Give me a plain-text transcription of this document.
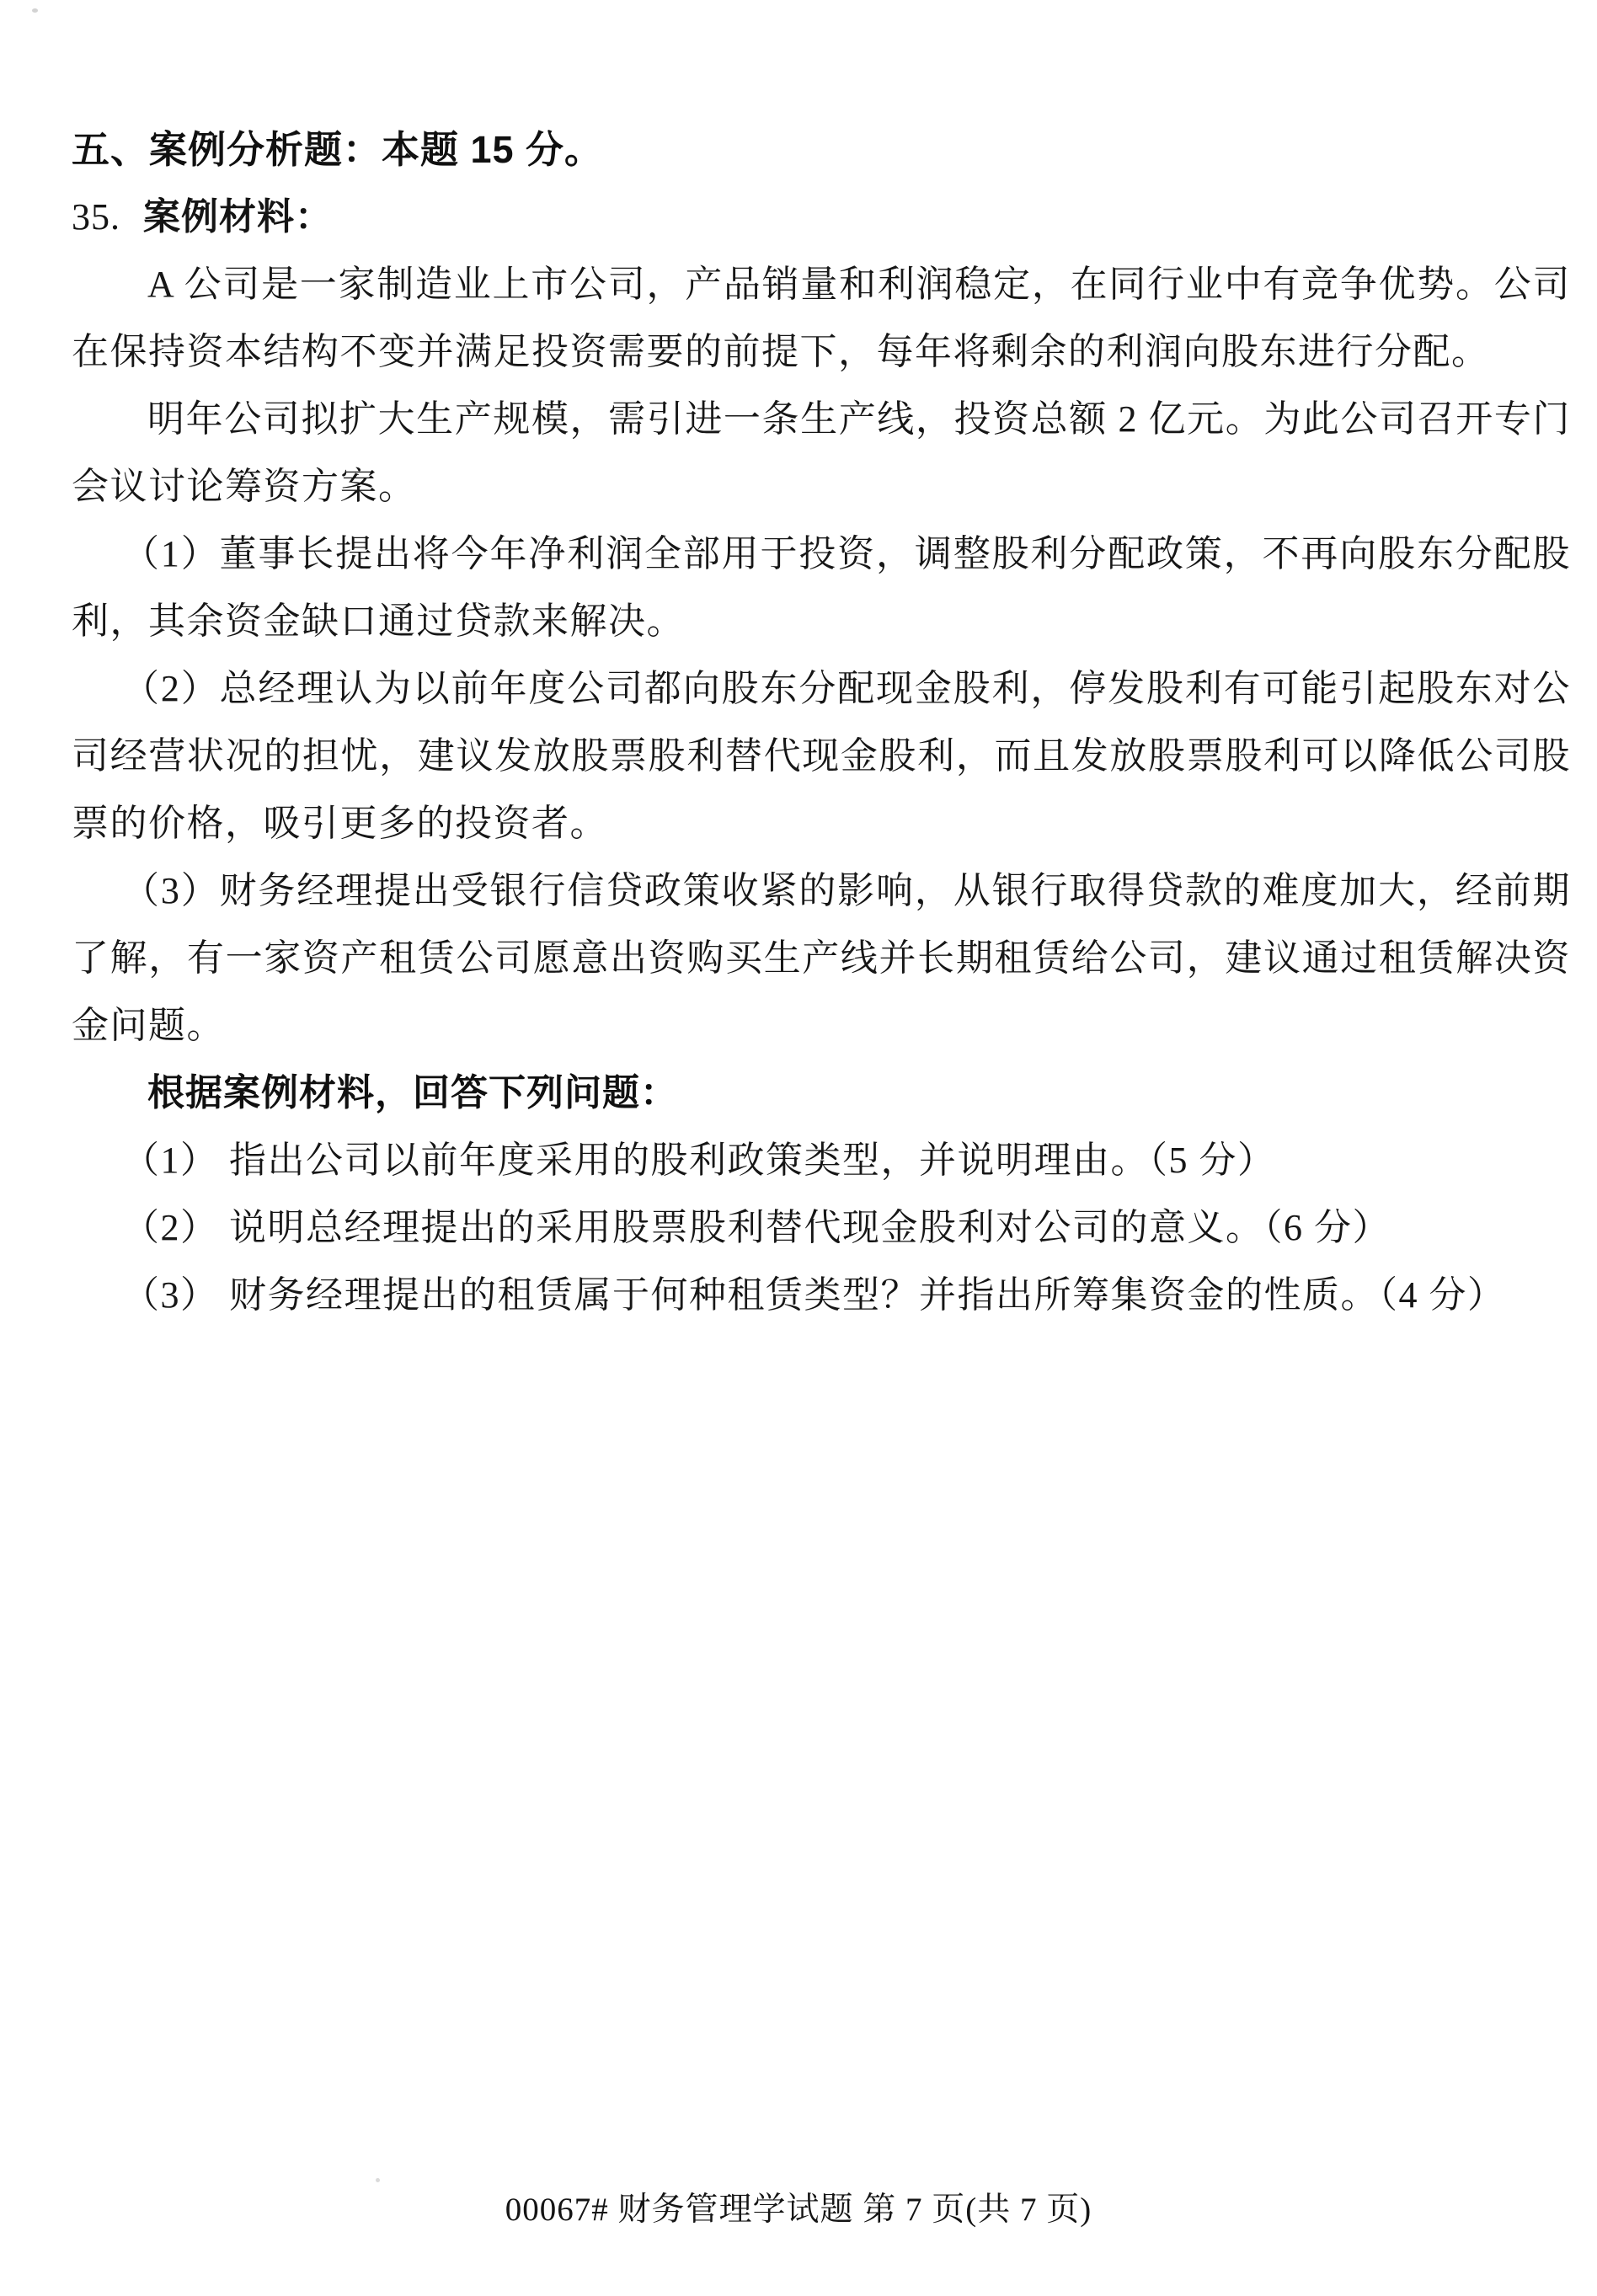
五、案例分析题：本题 15 分。

35. 案例材料：

A 公司是一家制造业上市公司，产品销量和利润稳定，在同行业中有竞争优势。公司在保持资本结构不变并满足投资需要的前提下，每年将剩余的利润向股东进行分配。

明年公司拟扩大生产规模，需引进一条生产线，投资总额 2 亿元。为此公司召开专门会议讨论筹资方案。

（1）董事长提出将今年净利润全部用于投资，调整股利分配政策，不再向股东分配股利，其余资金缺口通过贷款来解决。

（2）总经理认为以前年度公司都向股东分配现金股利，停发股利有可能引起股东对公司经营状况的担忧，建议发放股票股利替代现金股利，而且发放股票股利可以降低公司股票的价格，吸引更多的投资者。

（3）财务经理提出受银行信贷政策收紧的影响，从银行取得贷款的难度加大，经前期了解，有一家资产租赁公司愿意出资购买生产线并长期租赁给公司，建议通过租赁解决资金问题。

根据案例材料，回答下列问题：

（1） 指出公司以前年度采用的股利政策类型，并说明理由。（5 分）

（2） 说明总经理提出的采用股票股利替代现金股利对公司的意义。（6 分）

（3） 财务经理提出的租赁属于何种租赁类型？并指出所筹集资金的性质。（4 分）

00067# 财务管理学试题 第 7 页(共 7 页)
